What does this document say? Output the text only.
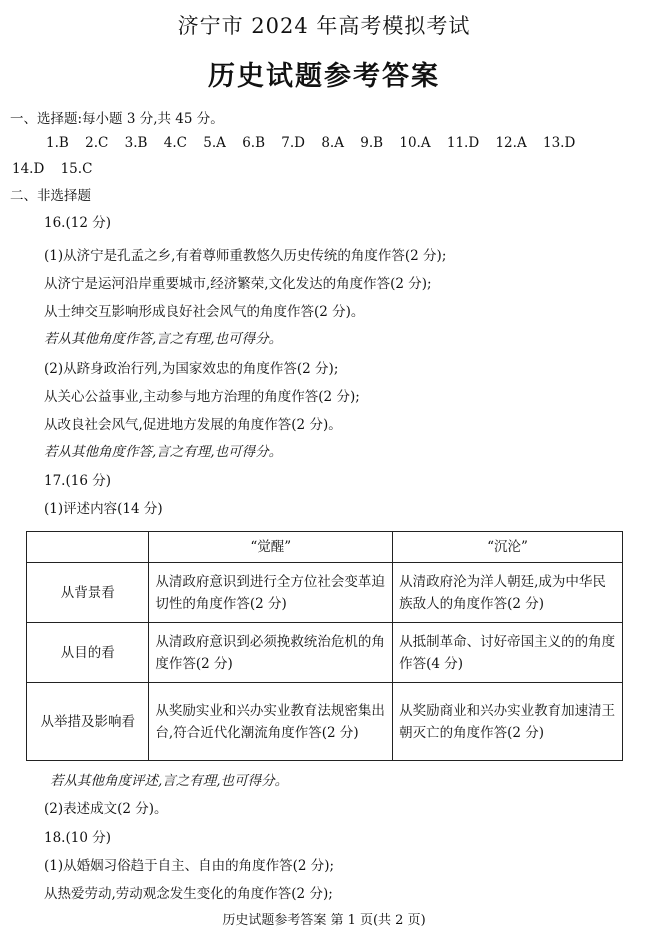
济宁市 2024 年高考模拟考试
历史试题参考答案
一、选择题:每小题 3 分,共 45 分。
1.B 2.C 3.B 4.C 5.A 6.B 7.D 8.A 9.B 10.A 11.D 12.A 13.D
14.D 15.C
二、非选择题
16.(12 分)
(1)从济宁是孔孟之乡,有着尊师重教悠久历史传统的角度作答(2 分);
从济宁是运河沿岸重要城市,经济繁荣,文化发达的角度作答(2 分);
从士绅交互影响形成良好社会风气的角度作答(2 分)。
若从其他角度作答,言之有理,也可得分。
(2)从跻身政治行列,为国家效忠的角度作答(2 分);
从关心公益事业,主动参与地方治理的角度作答(2 分);
从改良社会风气,促进地方发展的角度作答(2 分)。
若从其他角度作答,言之有理,也可得分。
17.(16 分)
(1)评述内容(14 分)
	“觉醒”	“沉沦”
从背景看	从清政府意识到进行全方位社会变革迫切性的角度作答(2 分)	从清政府沦为洋人朝廷,成为中华民族敌人的角度作答(2 分)
从目的看	从清政府意识到必须挽救统治危机的角度作答(2 分)	从抵制革命、讨好帝国主义的的角度作答(4 分)
从举措及影响看	从奖励实业和兴办实业教育法规密集出台,符合近代化潮流角度作答(2 分)	从奖励商业和兴办实业教育加速清王朝灭亡的角度作答(2 分)
若从其他角度评述,言之有理,也可得分。
(2)表述成文(2 分)。
18.(10 分)
(1)从婚姻习俗趋于自主、自由的角度作答(2 分);
从热爱劳动,劳动观念发生变化的角度作答(2 分);
历史试题参考答案 第 1 页(共 2 页)
